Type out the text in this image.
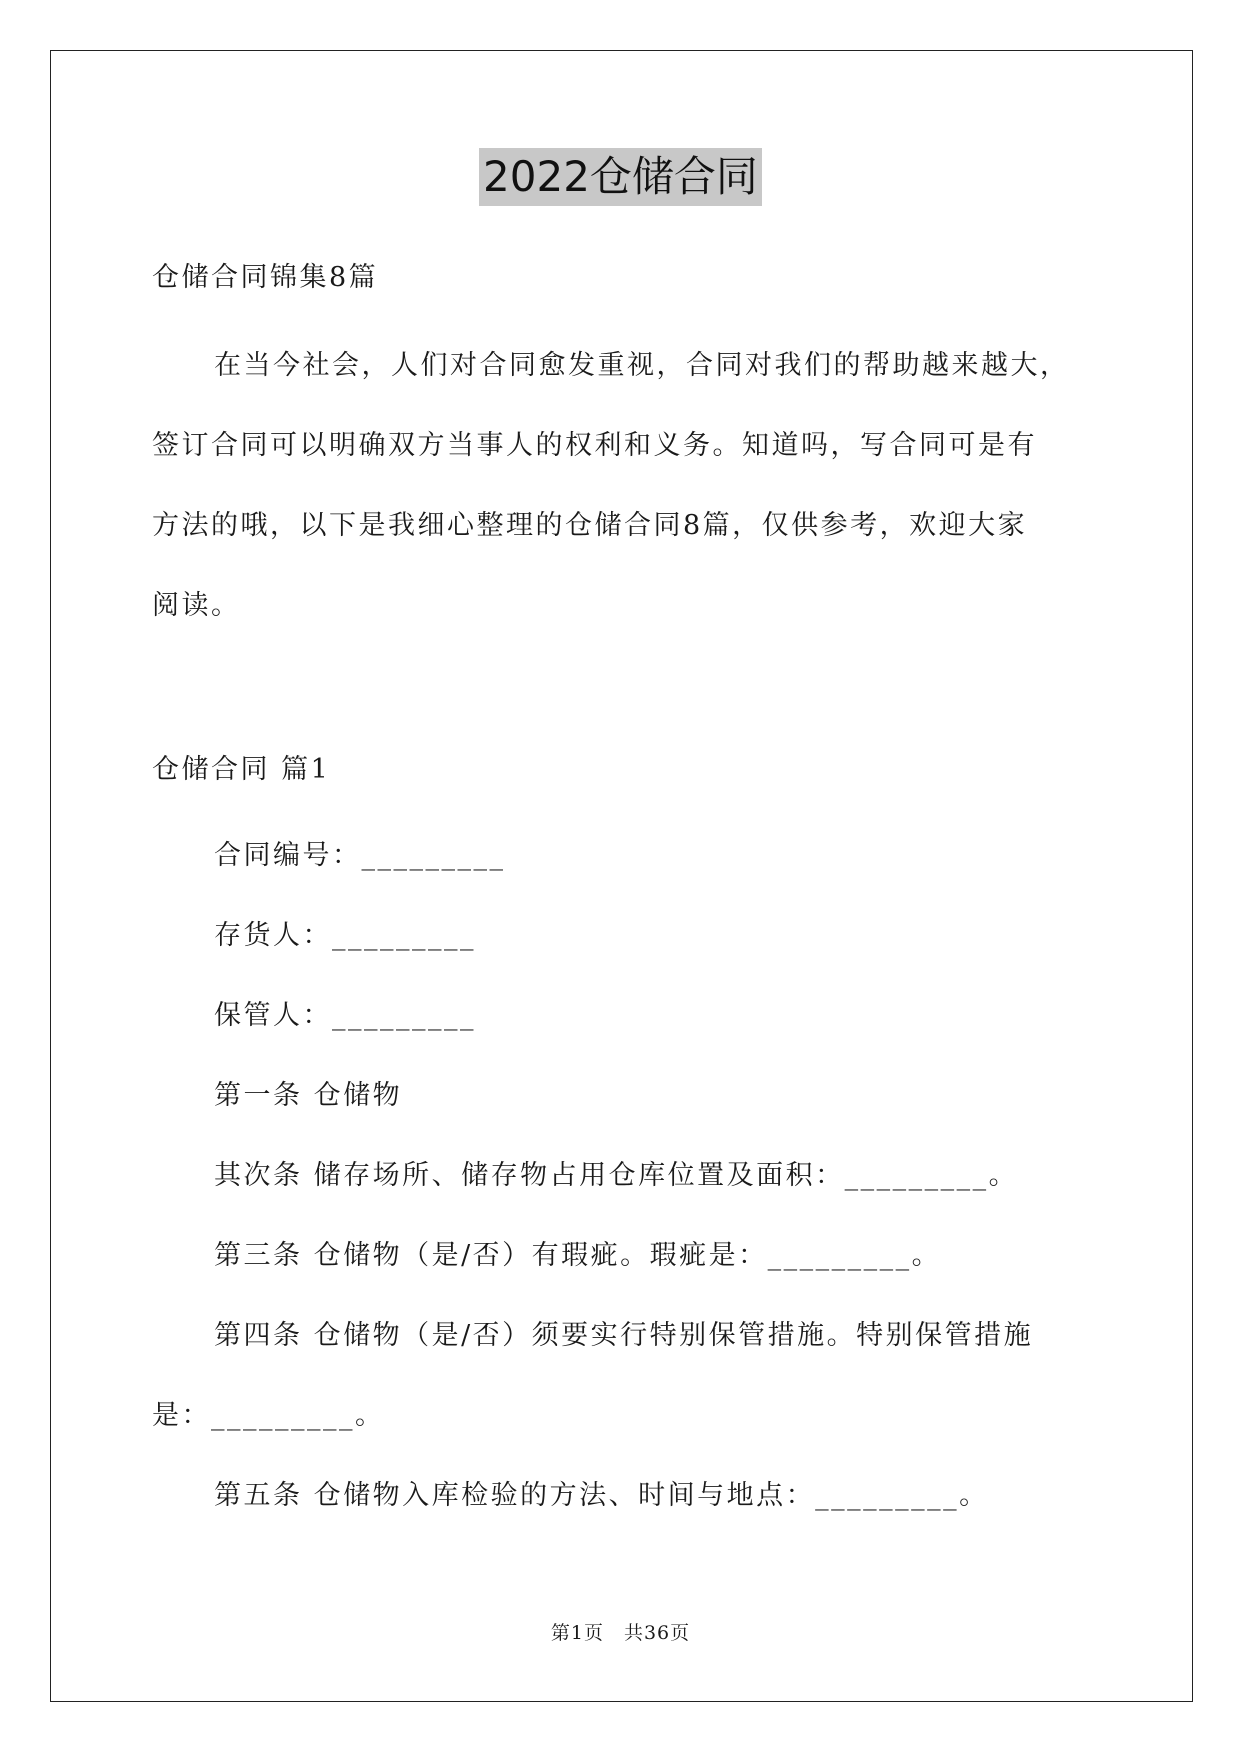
2022仓储合同
仓储合同锦集8篇
在当今社会，人们对合同愈发重视，合同对我们的帮助越来越大，
签订合同可以明确双方当事人的权利和义务。知道吗，写合同可是有
方法的哦，以下是我细心整理的仓储合同8篇，仅供参考，欢迎大家
阅读。
仓储合同 篇1
合同编号：_________
存货人：_________
保管人：_________
第一条 仓储物
其次条 储存场所、储存物占用仓库位置及面积：_________。
第三条 仓储物（是/否）有瑕疵。瑕疵是：_________。
第四条 仓储物（是/否）须要实行特别保管措施。特别保管措施
是：_________。
第五条 仓储物入库检验的方法、时间与地点：_________。
第1页　共36页
